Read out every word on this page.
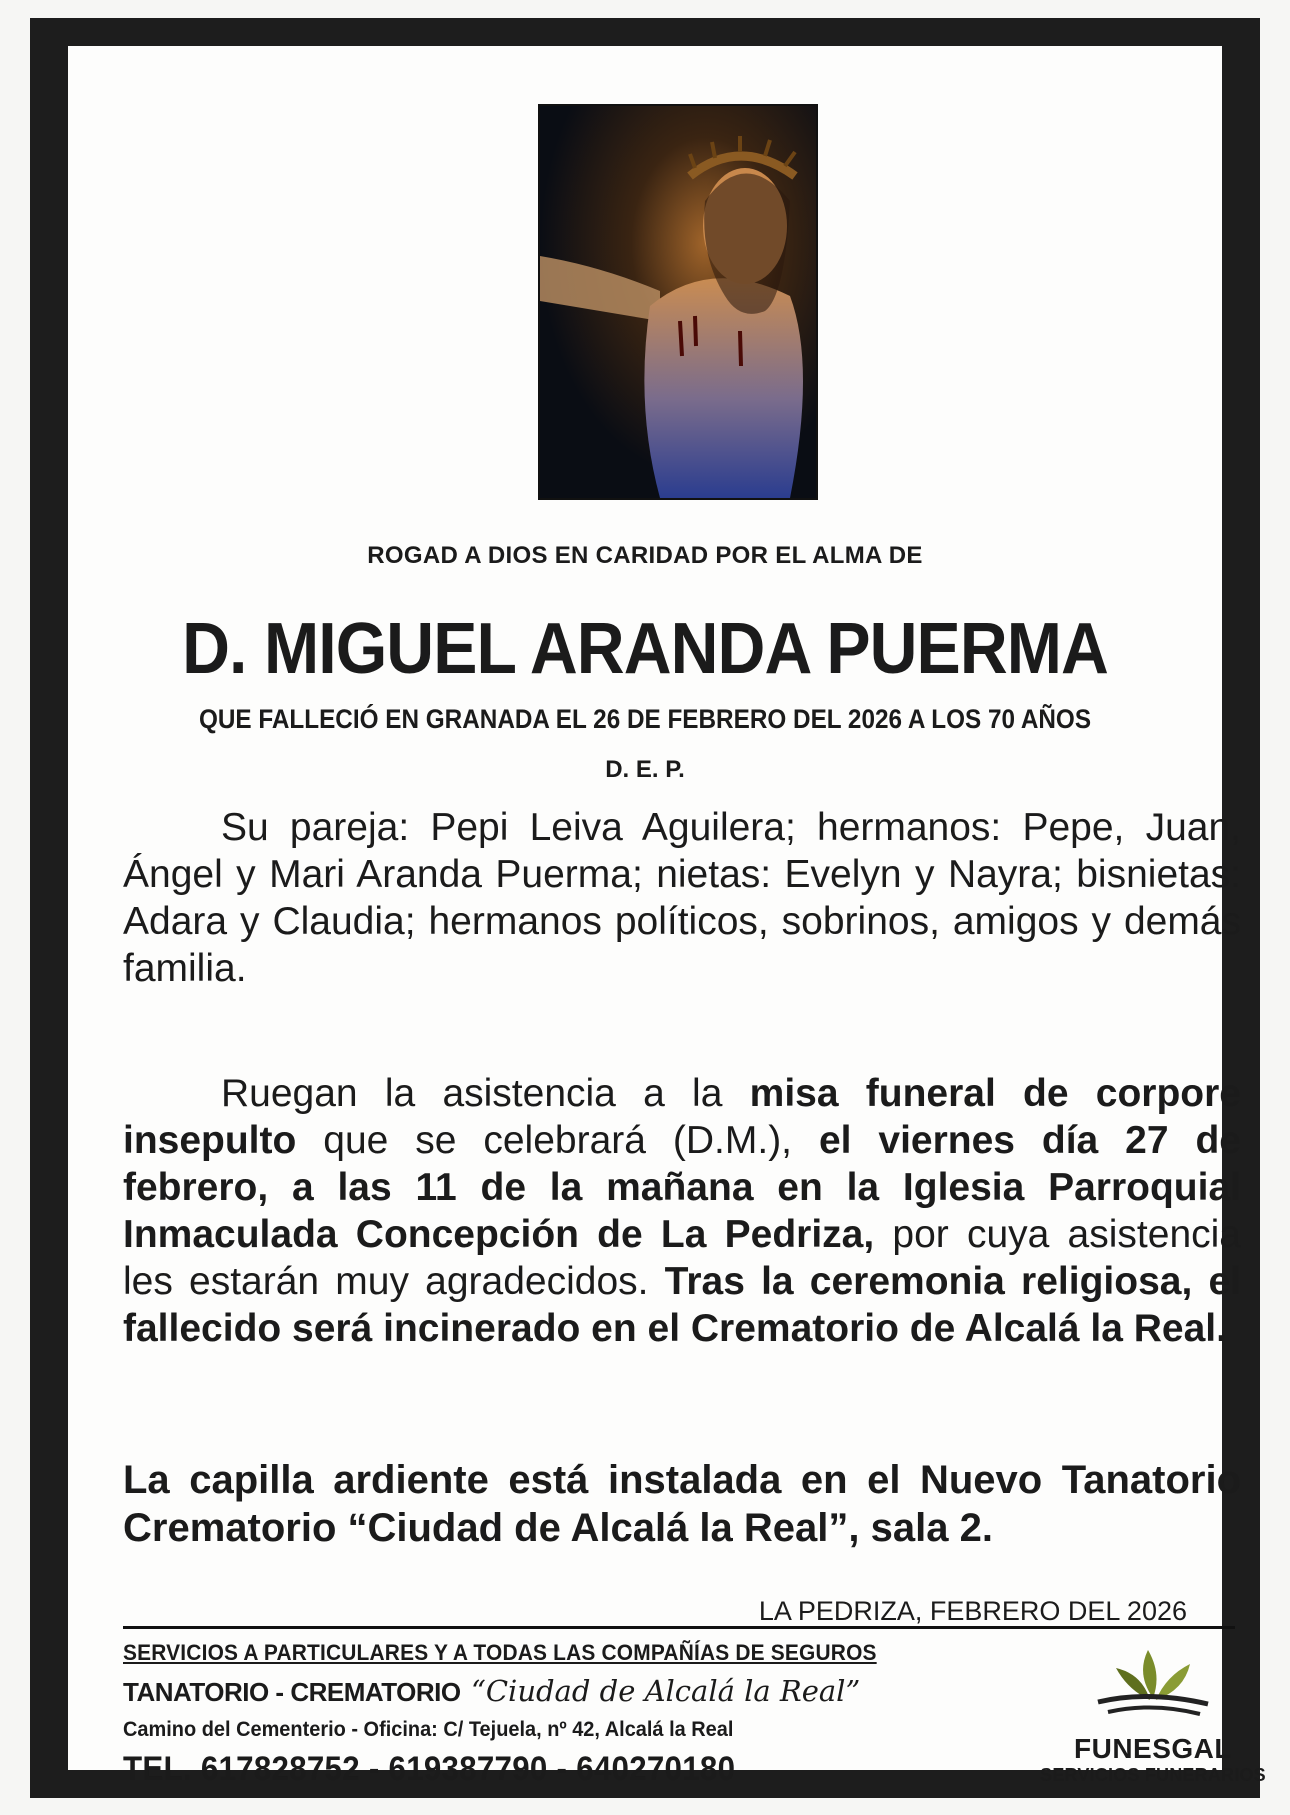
ROGAD A DIOS EN CARIDAD POR EL ALMA DE
D. MIGUEL ARANDA PUERMA
QUE FALLECIÓ EN GRANADA EL 26 DE FEBRERO DEL 2026 A LOS 70 AÑOS
D. E. P.
Su pareja: Pepi Leiva Aguilera; hermanos: Pepe, Juan, Ángel y Mari Aranda Puerma; nietas: Evelyn y Nayra; bisnietas: Adara y Claudia; hermanos políticos, sobrinos, amigos y demás familia.
Ruegan la asistencia a la misa funeral de corpore insepulto que se celebrará (D.M.), el viernes día 27 de febrero, a las 11 de la mañana en la Iglesia Parroquial Inmaculada Concepción de La Pedriza, por cuya asistencia les estarán muy agradecidos. Tras la ceremonia religiosa, el fallecido será incinerado en el Crematorio de Alcalá la Real.
La capilla ardiente está instalada en el Nuevo Tanatorio Crematorio “Ciudad de Alcalá la Real”, sala 2.
LA PEDRIZA, FEBRERO DEL 2026
SERVICIOS A PARTICULARES Y A TODAS LAS COMPAÑÍAS DE SEGUROS
TANATORIO - CREMATORIO “Ciudad de Alcalá la Real”
Camino del Cementerio - Oficina: C/ Tejuela, nº 42, Alcalá la Real
TEL. 617828752 - 619387790 - 640270180
FUNESGAL
SERVICIOS FUNERARIOS
